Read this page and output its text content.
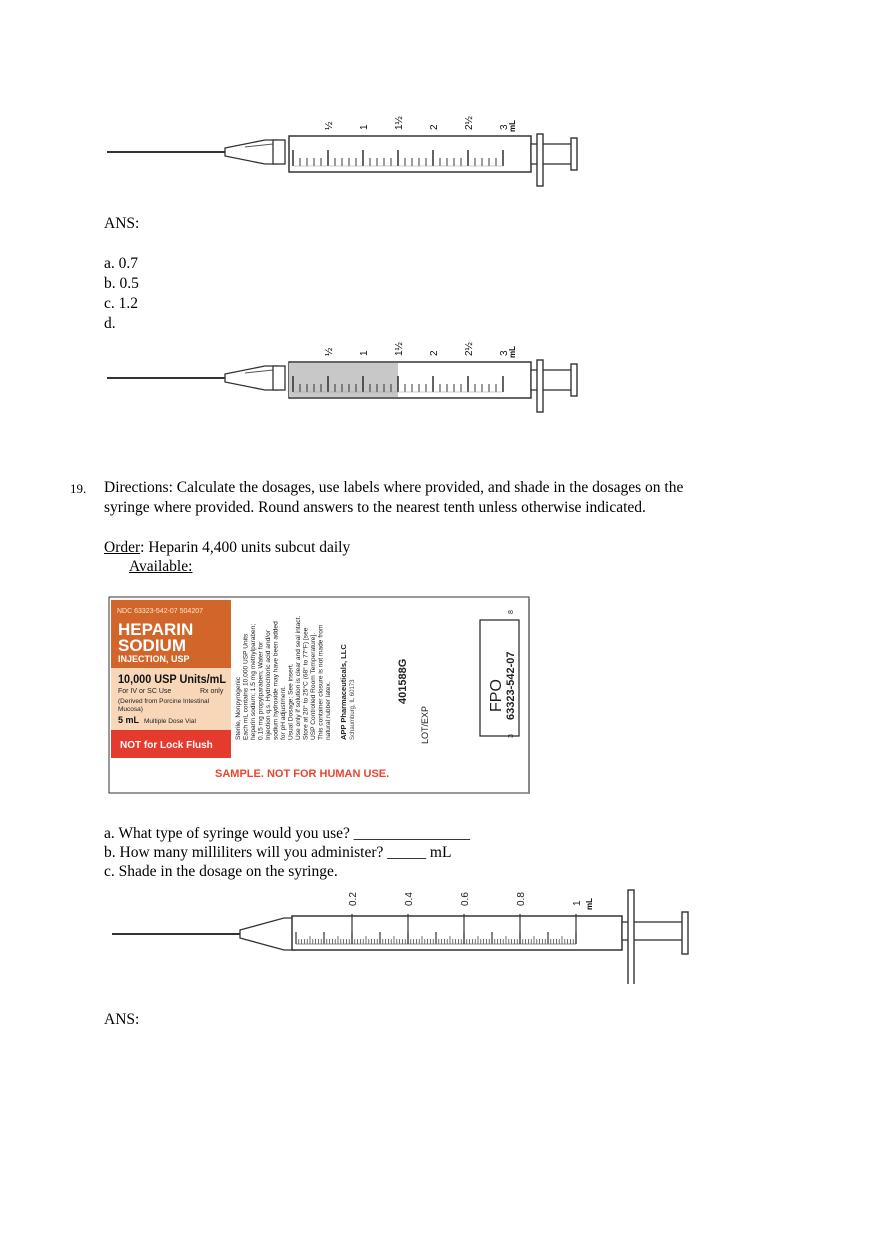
½ 1 1½ 2 2½ 3
mL
ANS:
a. 0.7
b. 0.5
c. 1.2
d.
½ 1 1½ 2 2½ 3
mL
19. Directions: Calculate the dosages, use labels where provided, and shade in the dosages on the
syringe where provided. Round answers to the nearest tenth unless otherwise indicated.
Order: Heparin 4,400 units subcut daily
Available:
NDC 63323-542-07 504207
HEPARIN
SODIUM
INJECTION, USP
10,000 USP Units/mL
For IV or SC Use	Rx only
(Derived from Porcine Intestinal
Mucosa)
5 mL Multiple Dose Vial
NOT for Lock Flush
Sterile, Nonpyrogenic Each mL contains 10,000 USP Units heparin sodium; 1.5 mg methylparaben; 0.15 mg propylparaben; Water for Injection q.s. Hydrochloric acid and/or sodium hydroxide may have been added for pH adjustment. Usual Dosage: See insert. Use only if solution is clear and seal intact. Store at 20° to 25°C (68° to 77°F) [see USP Controlled Room Temperature]. This container closure is not made from natural rubber latex. APP Pharmaceuticals, LLC Schaumburg, IL 60173	401588G
LOT/EXP
FPO 63323-542-07
3
8
SAMPLE. NOT FOR HUMAN USE.
a. What type of syringe would you use? _______________
b. How many milliliters will you administer? _____ mL
c. Shade in the dosage on the syringe.
0.2	0.4	0.6	0.8	1 mL
ANS:
